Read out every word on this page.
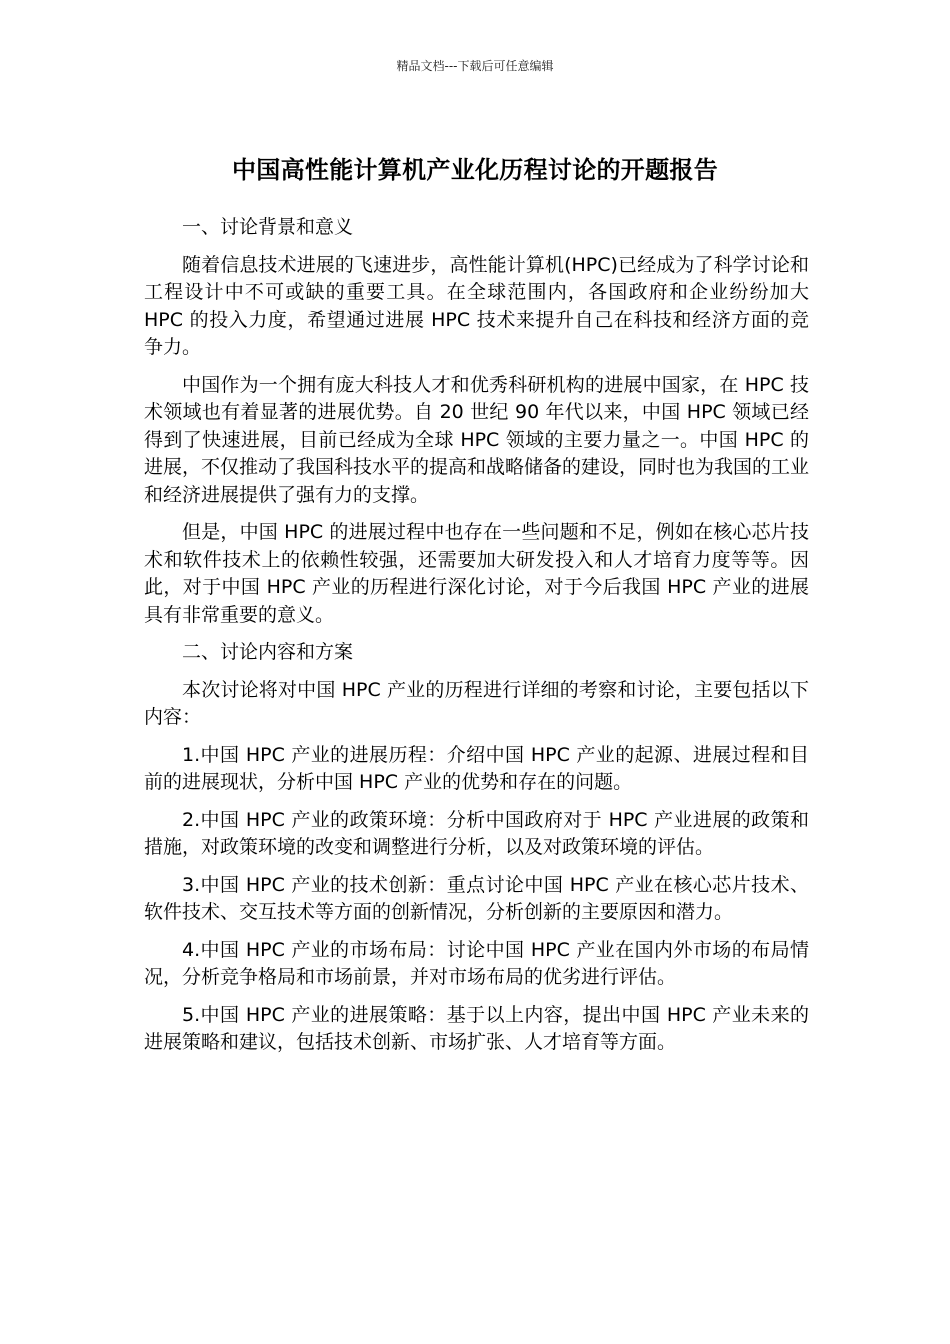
精品文档---下载后可任意编辑
中国高性能计算机产业化历程讨论的开题报告

一、讨论背景和意义

随着信息技术进展的飞速进步，高性能计算机(HPC)已经成为了科学讨论和工程设计中不可或缺的重要工具。在全球范围内，各国政府和企业纷纷加大 HPC 的投入力度，希望通过进展 HPC 技术来提升自己在科技和经济方面的竞争力。

中国作为一个拥有庞大科技人才和优秀科研机构的进展中国家，在 HPC 技术领域也有着显著的进展优势。自 20 世纪 90 年代以来，中国 HPC 领域已经得到了快速进展，目前已经成为全球 HPC 领域的主要力量之一。中国 HPC 的进展，不仅推动了我国科技水平的提高和战略储备的建设，同时也为我国的工业和经济进展提供了强有力的支撑。

但是，中国 HPC 的进展过程中也存在一些问题和不足，例如在核心芯片技术和软件技术上的依赖性较强，还需要加大研发投入和人才培育力度等等。因此，对于中国 HPC 产业的历程进行深化讨论，对于今后我国 HPC 产业的进展具有非常重要的意义。

二、讨论内容和方案

本次讨论将对中国 HPC 产业的历程进行详细的考察和讨论，主要包括以下内容：

1.中国 HPC 产业的进展历程：介绍中国 HPC 产业的起源、进展过程和目前的进展现状，分析中国 HPC 产业的优势和存在的问题。

2.中国 HPC 产业的政策环境：分析中国政府对于 HPC 产业进展的政策和措施，对政策环境的改变和调整进行分析，以及对政策环境的评估。

3.中国 HPC 产业的技术创新：重点讨论中国 HPC 产业在核心芯片技术、软件技术、交互技术等方面的创新情况，分析创新的主要原因和潜力。

4.中国 HPC 产业的市场布局：讨论中国 HPC 产业在国内外市场的布局情况，分析竞争格局和市场前景，并对市场布局的优劣进行评估。

5.中国 HPC 产业的进展策略：基于以上内容，提出中国 HPC 产业未来的进展策略和建议，包括技术创新、市场扩张、人才培育等方面。
